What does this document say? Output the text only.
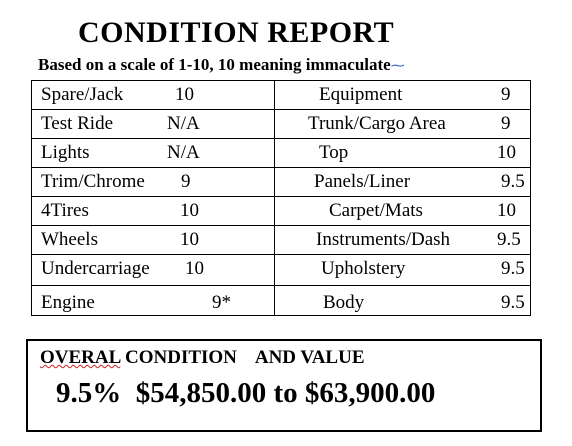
CONDITION REPORT
Based on a scale of 1-10, 10 meaning immaculate⁓
Spare/Jack	10	Equipment	9
Test Ride	N/A	Trunk/Cargo Area	9
Lights	N/A	Top	10
Trim/Chrome 9	Panels/Liner	9.5
4Tires	10	Carpet/Mats	10
Wheels	10	Instruments/Dash 9.5
Undercarriage 10	Upholstery	9.5
Engine	9*	Body	9.5
OVERAL CONDITION    AND VALUE
9.5%  $54,850.00 to $63,900.00
